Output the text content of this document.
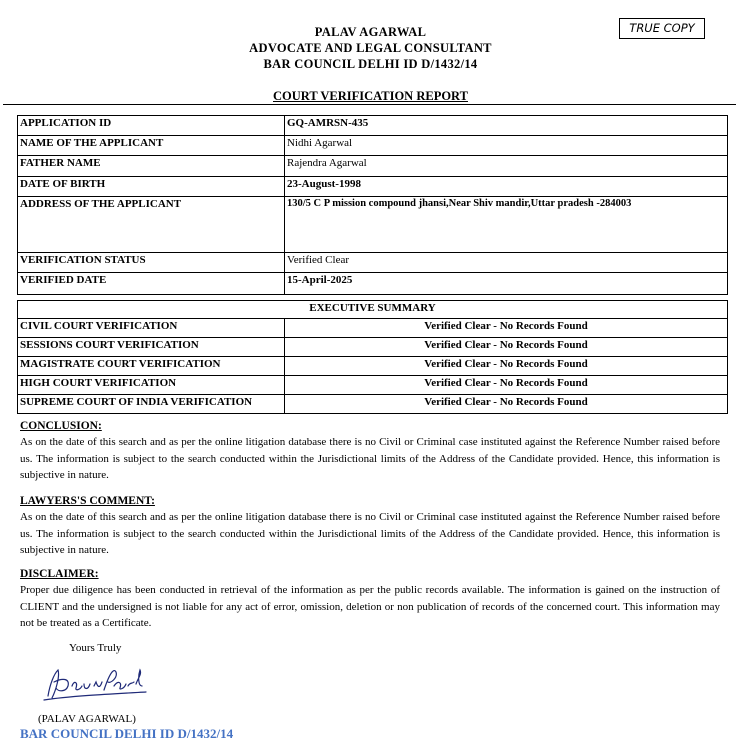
PALAV AGARWAL
ADVOCATE AND LEGAL CONSULTANT
BAR COUNCIL DELHI ID D/1432/14
TRUE COPY
COURT VERIFICATION REPORT
APPLICATION ID	GQ-AMRSN-435
NAME OF THE APPLICANT	Nidhi Agarwal
FATHER NAME	Rajendra Agarwal
DATE OF BIRTH	23-August-1998
ADDRESS OF THE APPLICANT	130/5 C P mission compound jhansi,Near Shiv mandir,Uttar pradesh -284003
VERIFICATION STATUS	Verified Clear
VERIFIED DATE	15-April-2025
EXECUTIVE SUMMARY	
CIVIL COURT VERIFICATION	Verified Clear - No Records Found
SESSIONS COURT VERIFICATION	Verified Clear - No Records Found
MAGISTRATE COURT VERIFICATION	Verified Clear - No Records Found
HIGH COURT VERIFICATION	Verified Clear - No Records Found
SUPREME COURT OF INDIA VERIFICATION	Verified Clear - No Records Found
CONCLUSION:

As on the date of this search and as per the online litigation database there is no Civil or Criminal case instituted against the Reference Number raised before us. The information is subject to the search conducted within the Jurisdictional limits of the Address of the Candidate provided. Hence, this information is subjective in nature.

LAWYERS'S COMMENT:

As on the date of this search and as per the online litigation database there is no Civil or Criminal case instituted against the Reference Number raised before us. The information is subject to the search conducted within the Jurisdictional limits of the Address of the Candidate provided. Hence, this information is subjective in nature.

DISCLAIMER:

Proper due diligence has been conducted in retrieval of the information as per the public records available. The information is gained on the instruction of CLIENT and the undersigned is not liable for any act of error, omission, deletion or non publication of records of the concerned court. This information may not be treated as a Certificate.

Yours Truly
(PALAV AGARWAL)
BAR COUNCIL DELHI ID D/1432/14
